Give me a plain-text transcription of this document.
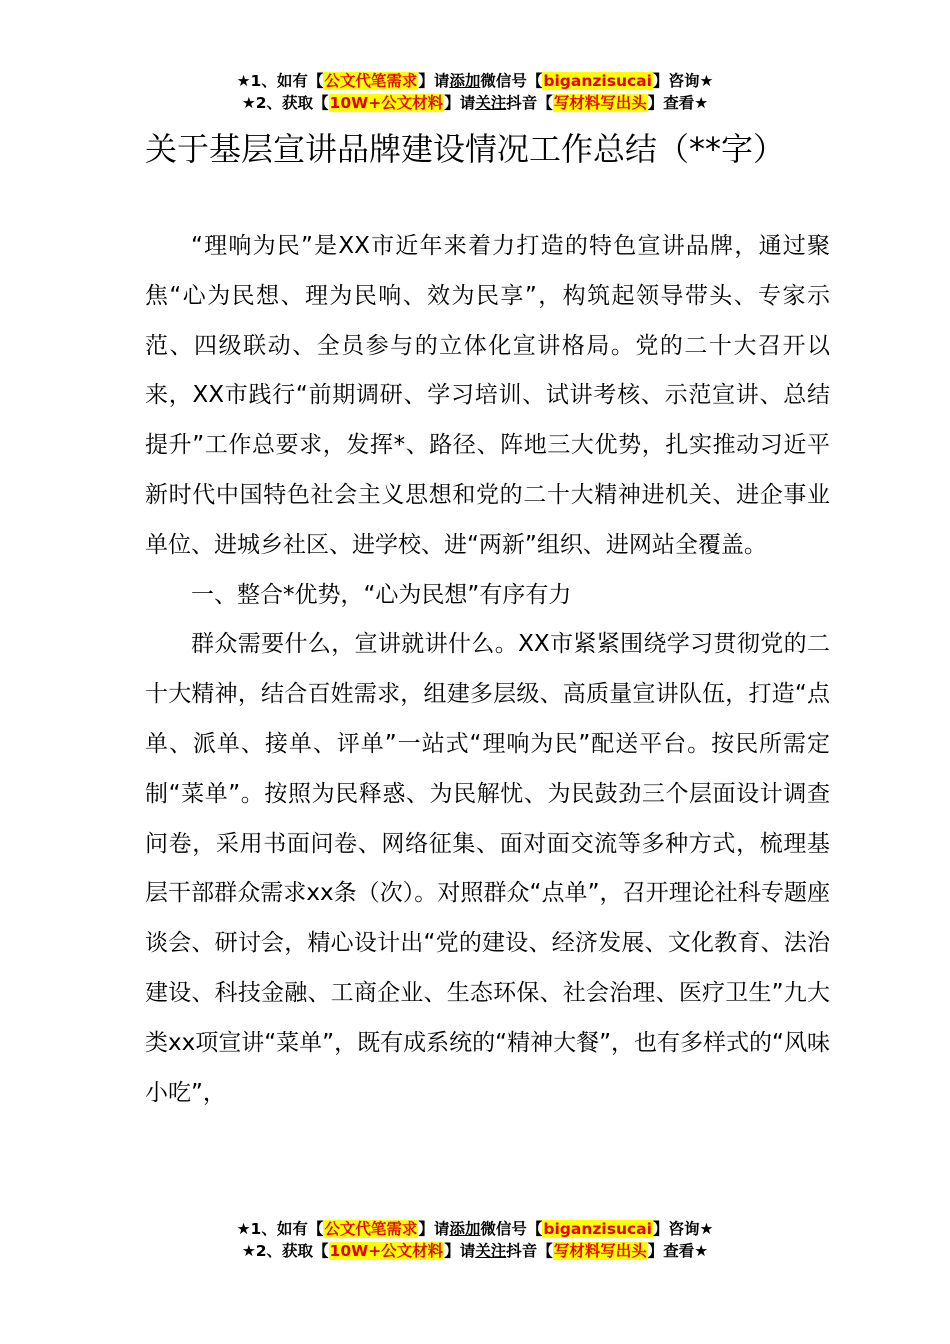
★1、如有【公文代笔需求】请添加微信号【biganzisucai】咨询★
★2、获取【10W+公文材料】请关注抖音【写材料写出头】查看★
关于基层宣讲品牌建设情况工作总结（**字）

“理响为民”是XX市近年来着力打造的特色宣讲品牌，通过聚焦“心为民想、理为民响、效为民享”，构筑起领导带头、专家示范、四级联动、全员参与的立体化宣讲格局。党的二十大召开以来，XX市践行“前期调研、学习培训、试讲考核、示范宣讲、总结提升”工作总要求，发挥*、路径、阵地三大优势，扎实推动习近平新时代中国特色社会主义思想和党的二十大精神进机关、进企事业单位、进城乡社区、进学校、进“两新”组织、进网站全覆盖。

一、整合*优势，“心为民想”有序有力

群众需要什么，宣讲就讲什么。XX市紧紧围绕学习贯彻党的二十大精神，结合百姓需求，组建多层级、高质量宣讲队伍，打造“点单、派单、接单、评单”一站式“理响为民”配送平台。按民所需定制“菜单”。按照为民释惑、为民解忧、为民鼓劲三个层面设计调查问卷，采用书面问卷、网络征集、面对面交流等多种方式，梳理基层干部群众需求xx条（次）。对照群众“点单”，召开理论社科专题座谈会、研讨会，精心设计出“党的建设、经济发展、文化教育、法治建设、科技金融、工商企业、生态环保、社会治理、医疗卫生”九大类xx项宣讲“菜单”，既有成系统的“精神大餐”，也有多样式的“风味小吃”，

★1、如有【公文代笔需求】请添加微信号【biganzisucai】咨询★
★2、获取【10W+公文材料】请关注抖音【写材料写出头】查看★
